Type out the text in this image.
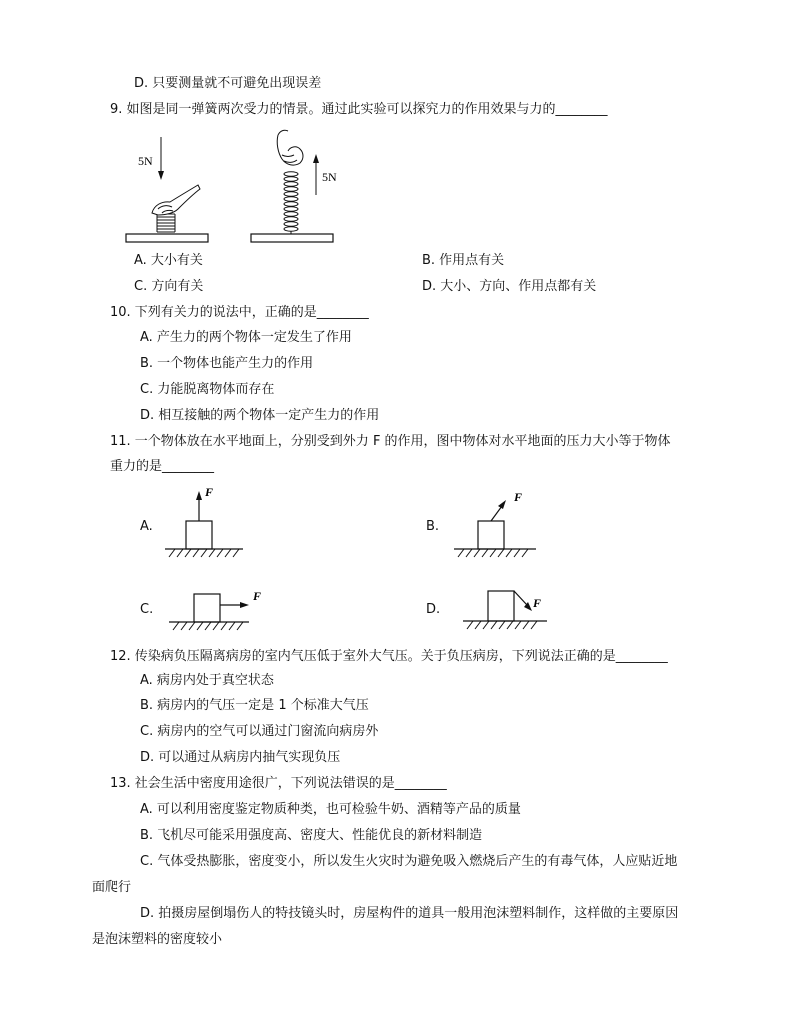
D. 只要测量就不可避免出现误差
9. 如图是同一弹簧两次受力的情景。通过此实验可以探究力的作用效果与力的________
5N
5N
A. 大小有关	B. 作用点有关
C. 方向有关	D. 大小、方向、作用点都有关
10. 下列有关力的说法中，正确的是________
A. 产生力的两个物体一定发生了作用
B. 一个物体也能产生力的作用
C. 力能脱离物体而存在
D. 相互接触的两个物体一定产生力的作用
11. 一个物体放在水平地面上，分别受到外力 F 的作用，图中物体对水平地面的压力大小等于物体
重力的是________
A.
F
B.
F
C.
F
D.	F
12. 传染病负压隔离病房的室内气压低于室外大气压。关于负压病房，下列说法正确的是________
A. 病房内处于真空状态
B. 病房内的气压一定是 1 个标准大气压
C. 病房内的空气可以通过门窗流向病房外
D. 可以通过从病房内抽气实现负压
13. 社会生活中密度用途很广，下列说法错误的是________
A. 可以利用密度鉴定物质种类，也可检验牛奶、酒精等产品的质量
B. 飞机尽可能采用强度高、密度大、性能优良的新材料制造
C. 气体受热膨胀，密度变小，所以发生火灾时为避免吸入燃烧后产生的有毒气体，人应贴近地
面爬行
D. 拍摄房屋倒塌伤人的特技镜头时，房屋构件的道具一般用泡沫塑料制作，这样做的主要原因
是泡沫塑料的密度较小
